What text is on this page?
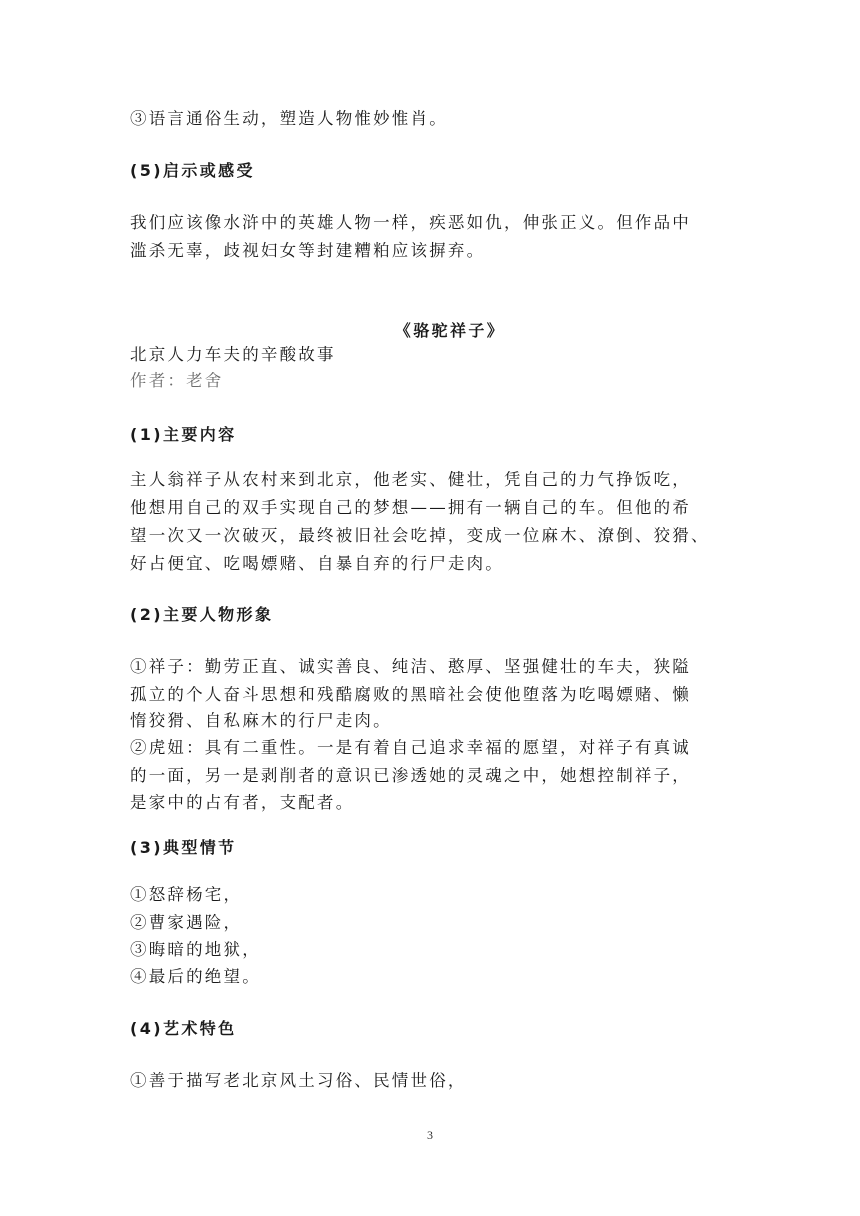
③语言通俗生动，塑造人物惟妙惟肖。
(5)启示或感受
我们应该像水浒中的英雄人物一样，疾恶如仇，伸张正义。但作品中
滥杀无辜，歧视妇女等封建糟粕应该摒弃。
《骆驼祥子》
北京人力车夫的辛酸故事
作者：老舍
(1)主要内容
主人翁祥子从农村来到北京，他老实、健壮，凭自己的力气挣饭吃，
他想用自己的双手实现自己的梦想——拥有一辆自己的车。但他的希
望一次又一次破灭，最终被旧社会吃掉，变成一位麻木、潦倒、狡猾、
好占便宜、吃喝嫖赌、自暴自弃的行尸走肉。
(2)主要人物形象
①祥子：勤劳正直、诚实善良、纯洁、憨厚、坚强健壮的车夫，狭隘
孤立的个人奋斗思想和残酷腐败的黑暗社会使他堕落为吃喝嫖赌、懒
惰狡猾、自私麻木的行尸走肉。
②虎妞：具有二重性。一是有着自己追求幸福的愿望，对祥子有真诚
的一面，另一是剥削者的意识已渗透她的灵魂之中，她想控制祥子，
是家中的占有者，支配者。
(3)典型情节
①怒辞杨宅，
②曹家遇险，
③晦暗的地狱，
④最后的绝望。
(4)艺术特色
①善于描写老北京风土习俗、民情世俗，
3
